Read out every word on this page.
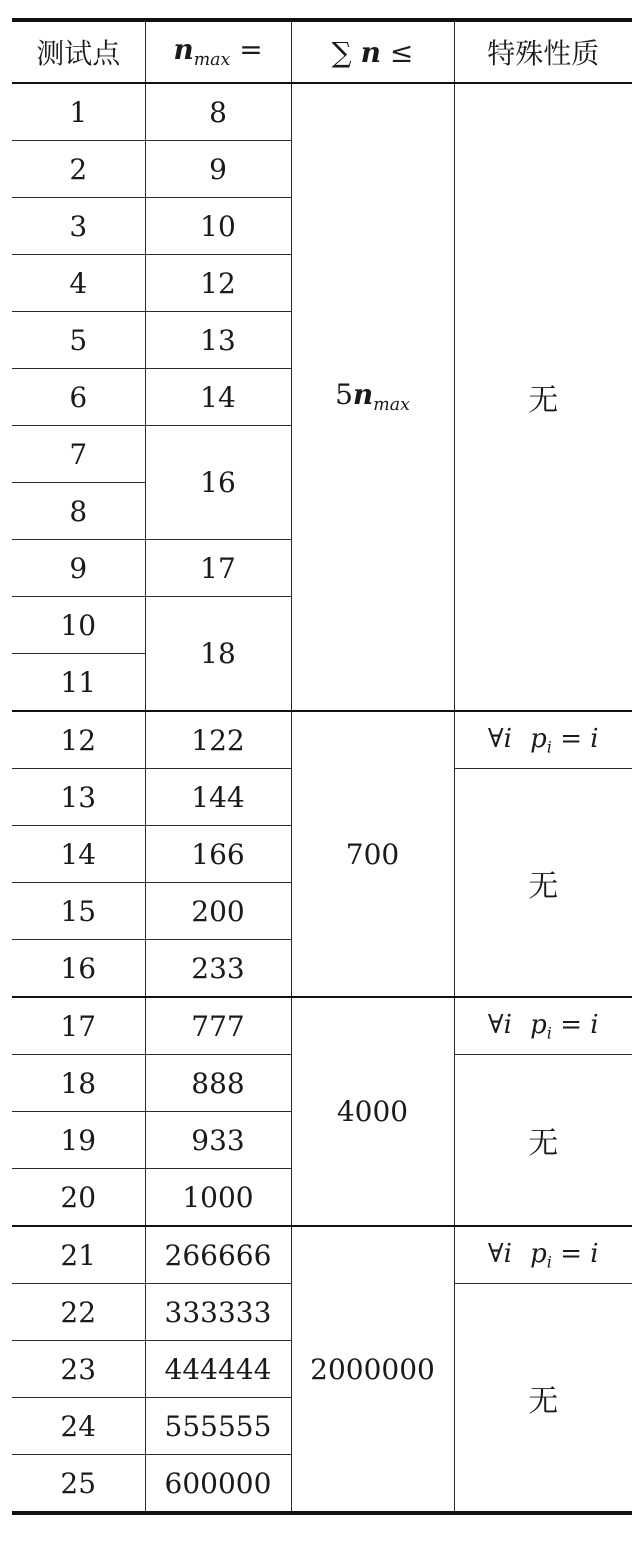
测试点	$n_{max}$ =	∑ n ≤	特殊性质
1	8	$5n_{max}$	无
2	9		
3	10		
4	12		
5	13		
6	14		
7	16		
8			
9	17		
10	18		
11			
12	122	700	∀i $p_i = i$
13	144		无
14	166		
15	200		
16	233		
17	777	4000	∀i $p_i = i$
18	888		无
19	933		
20	1000		
21	266666	2000000	∀i $p_i = i$
22	333333		无
23	444444		
24	555555		
25	600000		
